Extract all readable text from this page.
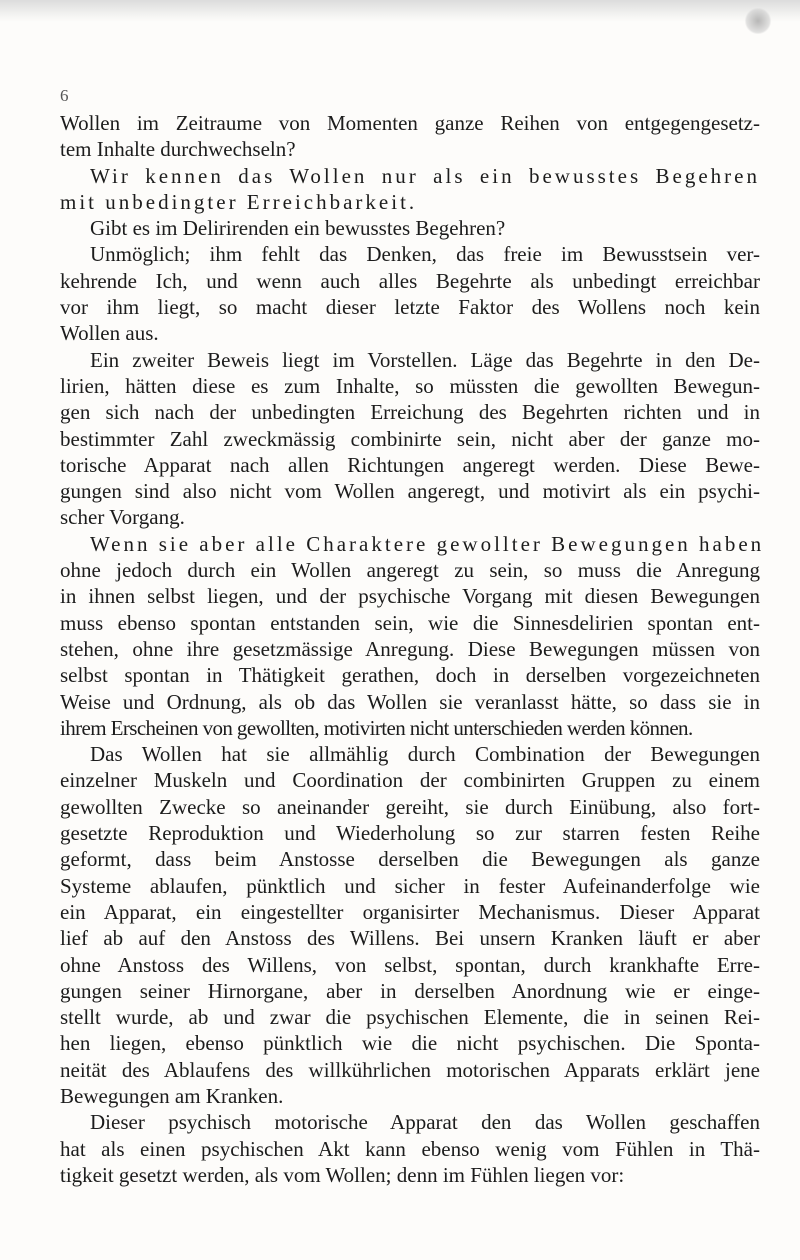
6
Wollen im Zeitraume von Momenten ganze Reihen von entgegengesetz-
tem Inhalte durchwechseln?
Wir kennen das Wollen nur als ein bewusstes Begehren
mit unbedingter Erreichbarkeit.
Gibt es im Delirirenden ein bewusstes Begehren?
Unmöglich; ihm fehlt das Denken, das freie im Bewusstsein ver-
kehrende Ich, und wenn auch alles Begehrte als unbedingt erreichbar
vor ihm liegt, so macht dieser letzte Faktor des Wollens noch kein
Wollen aus.
Ein zweiter Beweis liegt im Vorstellen. Läge das Begehrte in den De-
lirien, hätten diese es zum Inhalte, so müssten die gewollten Bewegun-
gen sich nach der unbedingten Erreichung des Begehrten richten und in
bestimmter Zahl zweckmässig combinirte sein, nicht aber der ganze mo-
torische Apparat nach allen Richtungen angeregt werden. Diese Bewe-
gungen sind also nicht vom Wollen angeregt, und motivirt als ein psychi-
scher Vorgang.
Wenn sie aber alle Charaktere gewollter Bewegungen haben
ohne jedoch durch ein Wollen angeregt zu sein, so muss die Anregung
in ihnen selbst liegen, und der psychische Vorgang mit diesen Bewegungen
muss ebenso spontan entstanden sein, wie die Sinnesdelirien spontan ent-
stehen, ohne ihre gesetzmässige Anregung. Diese Bewegungen müssen von
selbst spontan in Thätigkeit gerathen, doch in derselben vorgezeichneten
Weise und Ordnung, als ob das Wollen sie veranlasst hätte, so dass sie in
ihrem Erscheinen von gewollten, motivirten nicht unterschieden werden können.
Das Wollen hat sie allmählig durch Combination der Bewegungen
einzelner Muskeln und Coordination der combinirten Gruppen zu einem
gewollten Zwecke so aneinander gereiht, sie durch Einübung, also fort-
gesetzte Reproduktion und Wiederholung so zur starren festen Reihe
geformt, dass beim Anstosse derselben die Bewegungen als ganze
Systeme ablaufen, pünktlich und sicher in fester Aufeinanderfolge wie
ein Apparat, ein eingestellter organisirter Mechanismus. Dieser Apparat
lief ab auf den Anstoss des Willens. Bei unsern Kranken läuft er aber
ohne Anstoss des Willens, von selbst, spontan, durch krankhafte Erre-
gungen seiner Hirnorgane, aber in derselben Anordnung wie er einge-
stellt wurde, ab und zwar die psychischen Elemente, die in seinen Rei-
hen liegen, ebenso pünktlich wie die nicht psychischen. Die Sponta-
neität des Ablaufens des willkührlichen motorischen Apparats erklärt jene
Bewegungen am Kranken.
Dieser psychisch motorische Apparat den das Wollen geschaffen
hat als einen psychischen Akt kann ebenso wenig vom Fühlen in Thä-
tigkeit gesetzt werden, als vom Wollen; denn im Fühlen liegen vor:
